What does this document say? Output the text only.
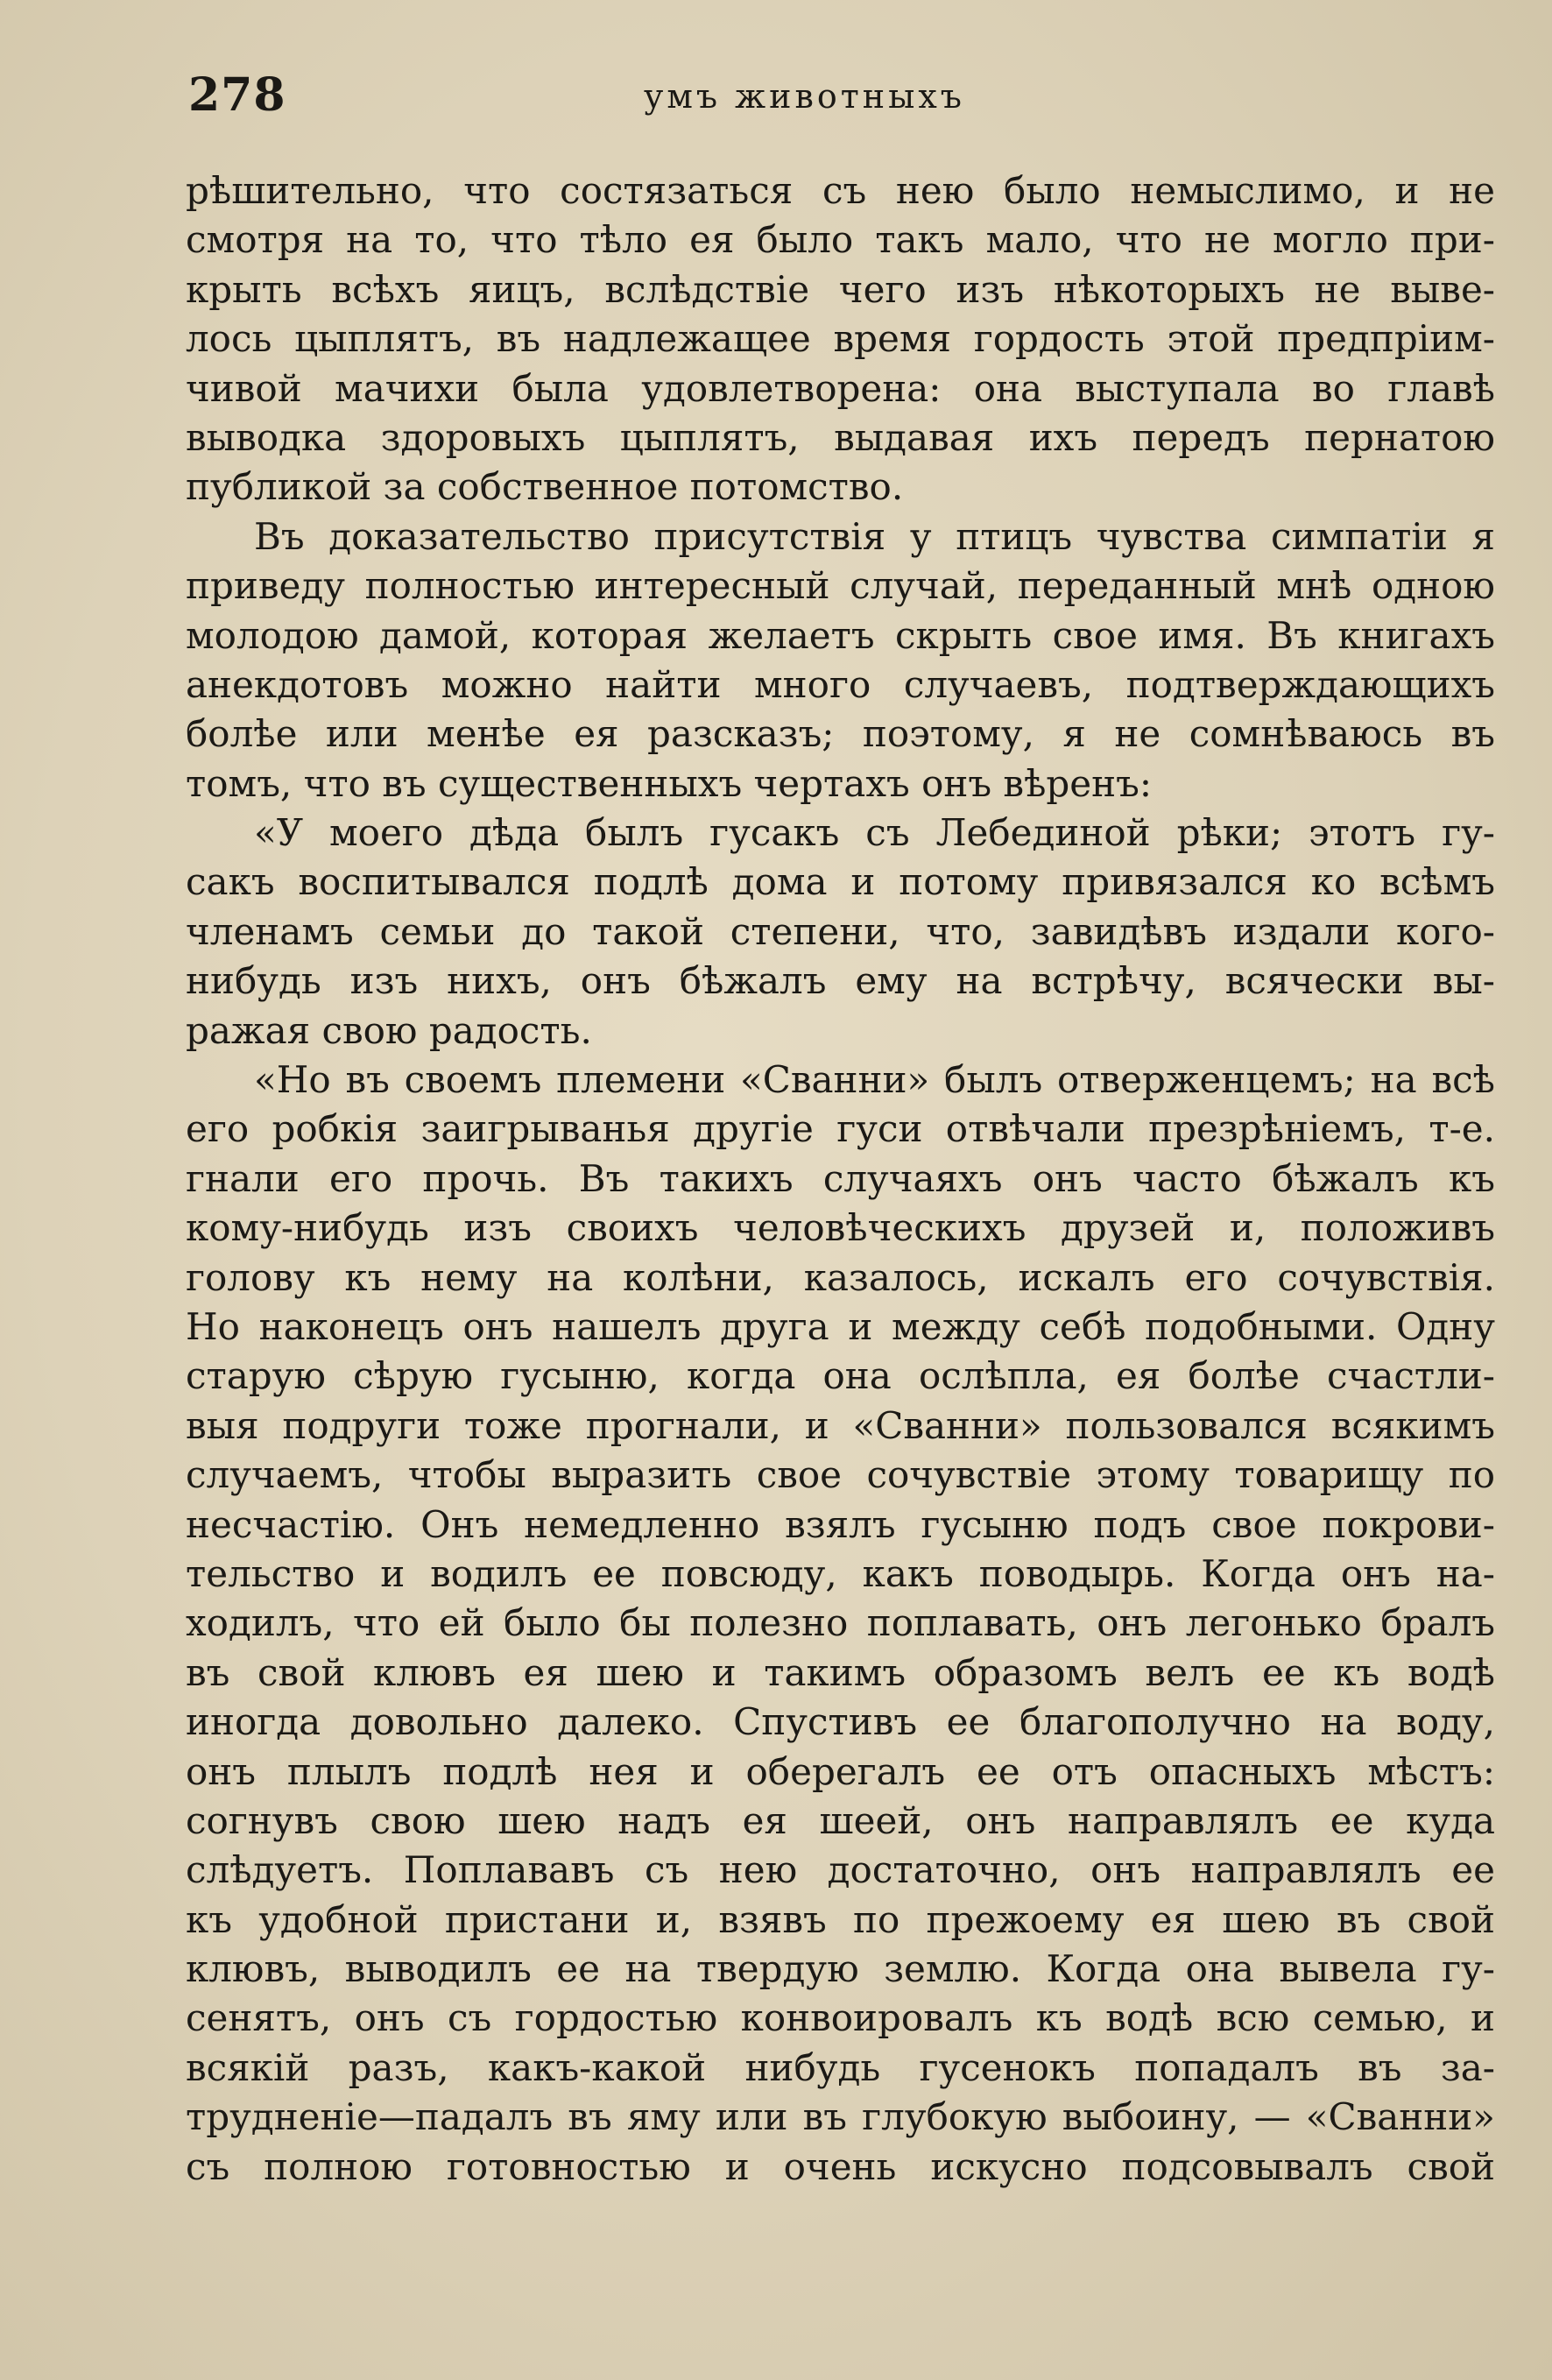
278	умъ животныхъ
рѣшительно, что состязаться съ нею было немыслимо, и не
смотря на то, что тѣло ея было такъ мало, что не могло при-
крыть всѣхъ яицъ, вслѣдствіе чего изъ нѣкоторыхъ не выве-
лось цыплятъ, въ надлежащее время гордость этой предпріим-
чивой мачихи была удовлетворена: она выступала во главѣ
выводка здоровыхъ цыплятъ, выдавая ихъ передъ пернатою
публикой за собственное потомство.
Въ доказательство присутствія у птицъ чувства симпатіи я
приведу полностью интересный случай, переданный мнѣ одною
молодою дамой, которая желаетъ скрыть свое имя. Въ книгахъ
анекдотовъ можно найти много случаевъ, подтверждающихъ
болѣе или менѣе ея разсказъ; поэтому, я не сомнѣваюсь въ
томъ, что въ существенныхъ чертахъ онъ вѣренъ:
«У моего дѣда былъ гусакъ съ Лебединой рѣки; этотъ гу-
сакъ воспитывался подлѣ дома и потому привязался ко всѣмъ
членамъ семьи до такой степени, что, завидѣвъ издали кого-
нибудь изъ нихъ, онъ бѣжалъ ему на встрѣчу, всячески вы-
ражая свою радость.
«Но въ своемъ племени «Сванни» былъ отверженцемъ; на всѣ
его робкія заигрыванья другіе гуси отвѣчали презрѣніемъ, т-е.
гнали его прочь. Въ такихъ случаяхъ онъ часто бѣжалъ къ
кому-нибудь изъ своихъ человѣческихъ друзей и, положивъ
голову къ нему на колѣни, казалось, искалъ его сочувствія.
Но наконецъ онъ нашелъ друга и между себѣ подобными. Одну
старую сѣрую гусыню, когда она ослѣпла, ея болѣе счастли-
выя подруги тоже прогнали, и «Сванни» пользовался всякимъ
случаемъ, чтобы выразить свое сочувствіе этому товарищу по
несчастію. Онъ немедленно взялъ гусыню подъ свое покрови-
тельство и водилъ ее повсюду, какъ поводырь. Когда онъ на-
ходилъ, что ей было бы полезно поплавать, онъ легонько бралъ
въ свой клювъ ея шею и такимъ образомъ велъ ее къ водѣ
иногда довольно далеко. Спустивъ ее благополучно на воду,
онъ плылъ подлѣ нея и оберегалъ ее отъ опасныхъ мѣстъ:
согнувъ свою шею надъ ея шеей, онъ направлялъ ее куда
слѣдуетъ. Поплававъ съ нею достаточно, онъ направлялъ ее
къ удобной пристани и, взявъ по прежоему ея шею въ свой
клювъ, выводилъ ее на твердую землю. Когда она вывела гу-
сенятъ, онъ съ гордостью конвоировалъ къ водѣ всю семью, и
всякій разъ, какъ-какой нибудь гусенокъ попадалъ въ за-
трудненіе—падалъ въ яму или въ глубокую выбоину, — «Сванни»
съ полною готовностью и очень искусно подсовывалъ свой
